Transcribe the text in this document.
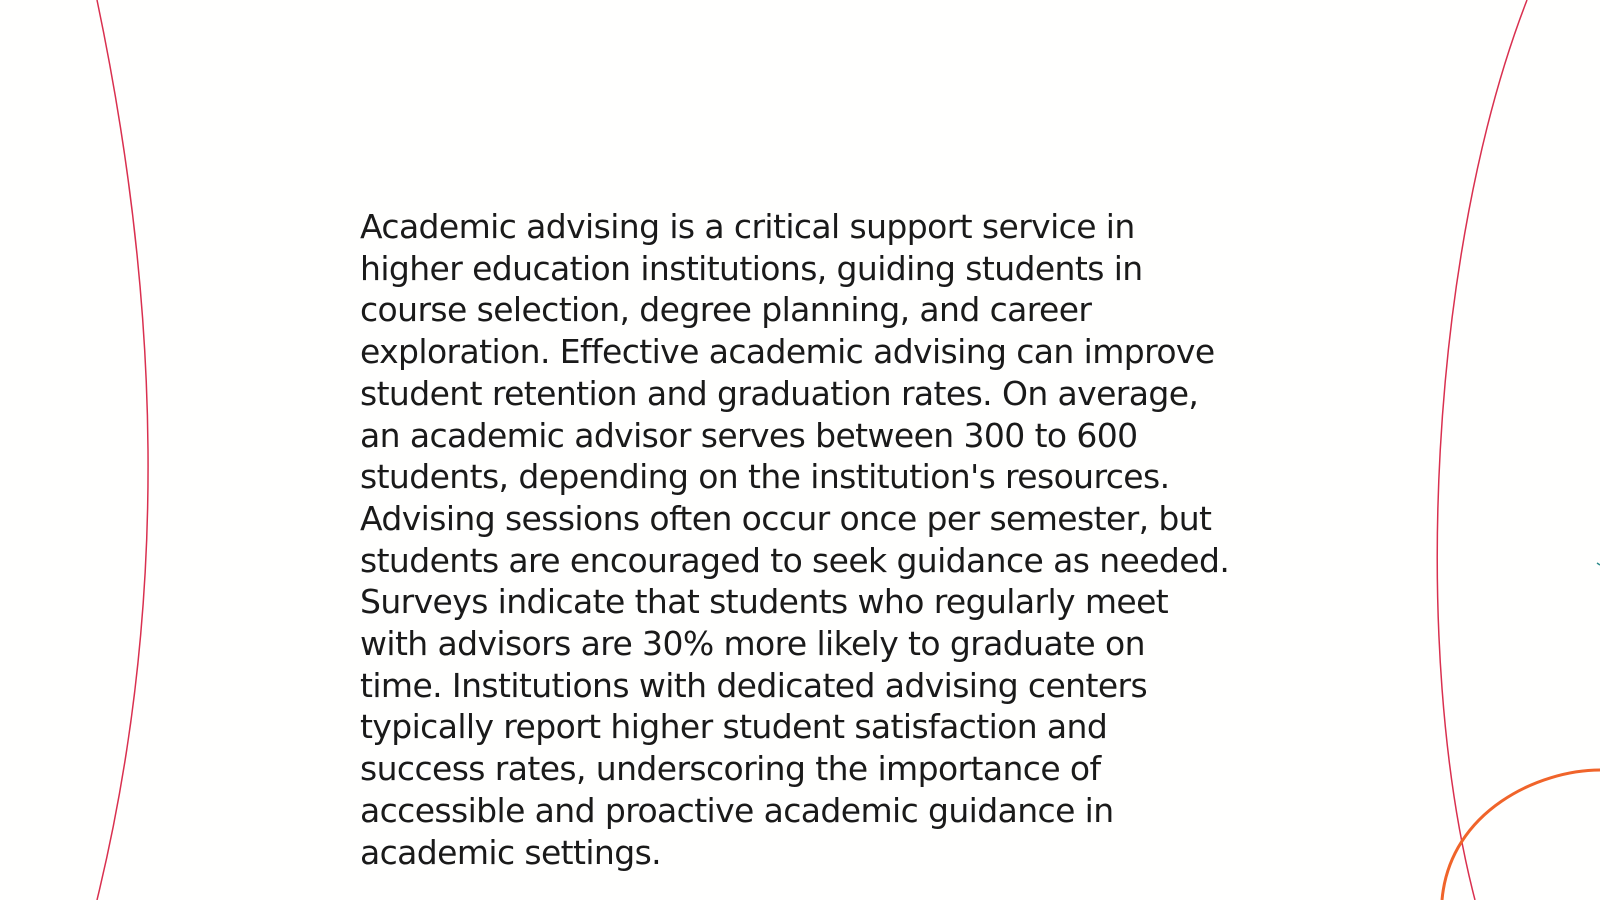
Academic advising is a critical support service in
higher education institutions, guiding students in
course selection, degree planning, and career
exploration. Effective academic advising can improve
student retention and graduation rates. On average,
an academic advisor serves between 300 to 600
students, depending on the institution's resources.
Advising sessions often occur once per semester, but
students are encouraged to seek guidance as needed.
Surveys indicate that students who regularly meet
with advisors are 30% more likely to graduate on
time. Institutions with dedicated advising centers
typically report higher student satisfaction and
success rates, underscoring the importance of
accessible and proactive academic guidance in
academic settings.
